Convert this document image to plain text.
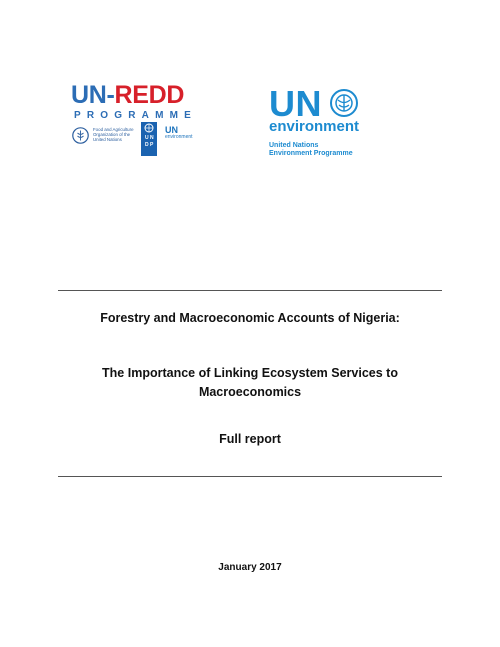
UN-REDD
PROGRAMME
Food and Agriculture Organization of the United Nations	U N
D P
UN
environment
UN
environment
United Nations
Environment Programme
Forestry and Macroeconomic Accounts of Nigeria:
The Importance of Linking Ecosystem Services to Macroeconomics
Full report
January 2017
